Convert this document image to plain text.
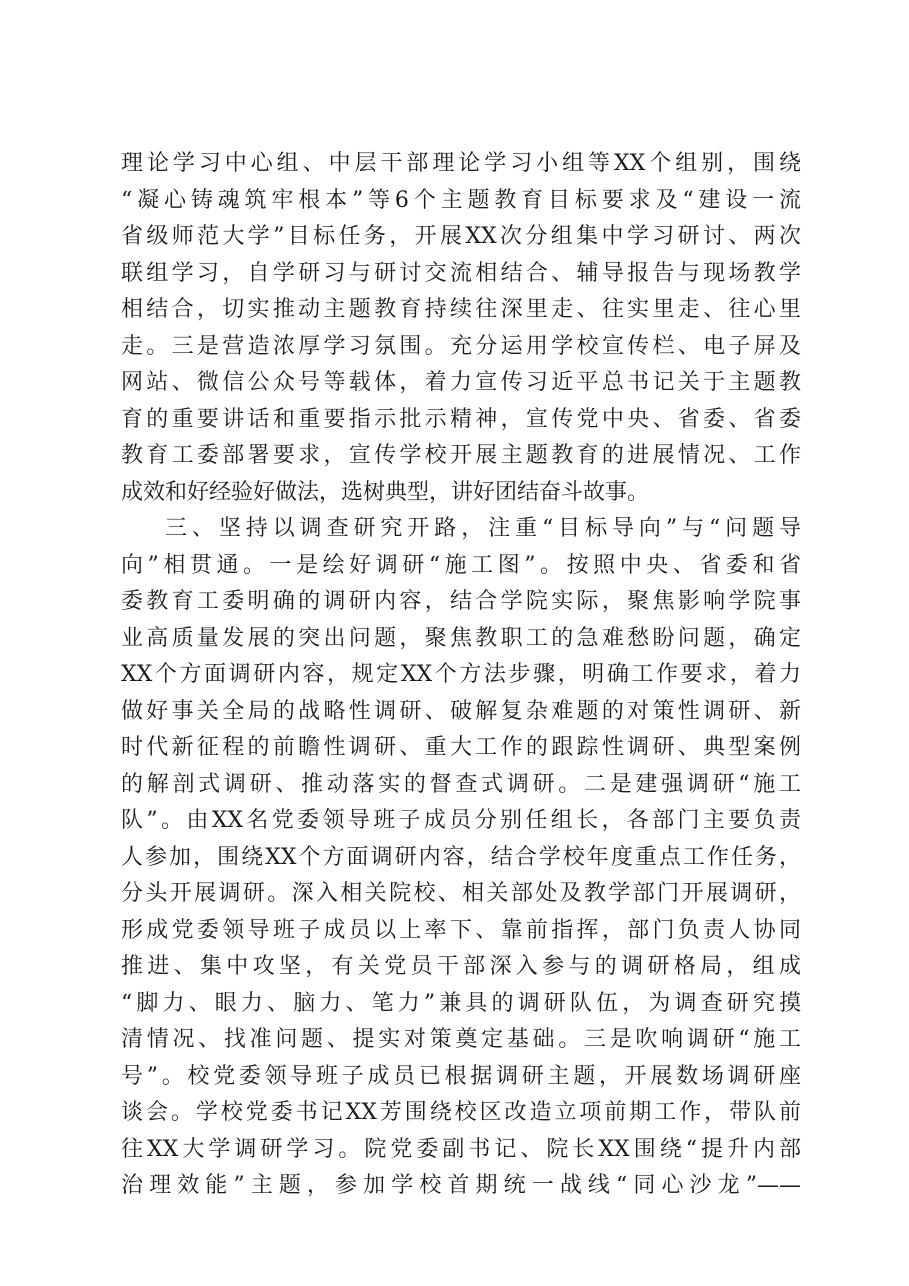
理论学习中心组、中层干部理论学习小组等XX个组别，围绕
“凝心铸魂筑牢根本”等6个主题教育目标要求及“建设一流
省级师范大学”目标任务，开展XX次分组集中学习研讨、两次
联组学习，自学研习与研讨交流相结合、辅导报告与现场教学
相结合，切实推动主题教育持续往深里走、往实里走、往心里
走。三是营造浓厚学习氛围。充分运用学校宣传栏、电子屏及
网站、微信公众号等载体，着力宣传习近平总书记关于主题教
育的重要讲话和重要指示批示精神，宣传党中央、省委、省委
教育工委部署要求，宣传学校开展主题教育的进展情况、工作
成效和好经验好做法，选树典型，讲好团结奋斗故事。
三、坚持以调查研究开路，注重“目标导向”与“问题导
向”相贯通。一是绘好调研“施工图”。按照中央、省委和省
委教育工委明确的调研内容，结合学院实际，聚焦影响学院事
业高质量发展的突出问题，聚焦教职工的急难愁盼问题，确定
XX个方面调研内容，规定XX个方法步骤，明确工作要求，着力
做好事关全局的战略性调研、破解复杂难题的对策性调研、新
时代新征程的前瞻性调研、重大工作的跟踪性调研、典型案例
的解剖式调研、推动落实的督查式调研。二是建强调研“施工
队”。由XX名党委领导班子成员分别任组长，各部门主要负责
人参加，围绕XX个方面调研内容，结合学校年度重点工作任务，
分头开展调研。深入相关院校、相关部处及教学部门开展调研，
形成党委领导班子成员以上率下、靠前指挥，部门负责人协同
推进、集中攻坚，有关党员干部深入参与的调研格局，组成
“脚力、眼力、脑力、笔力”兼具的调研队伍，为调查研究摸
清情况、找准问题、提实对策奠定基础。三是吹响调研“施工
号”。校党委领导班子成员已根据调研主题，开展数场调研座
谈会。学校党委书记XX芳围绕校区改造立项前期工作，带队前
往XX大学调研学习。院党委副书记、院长XX围绕“提升内部
治理效能”主题，参加学校首期统一战线“同心沙龙”——
